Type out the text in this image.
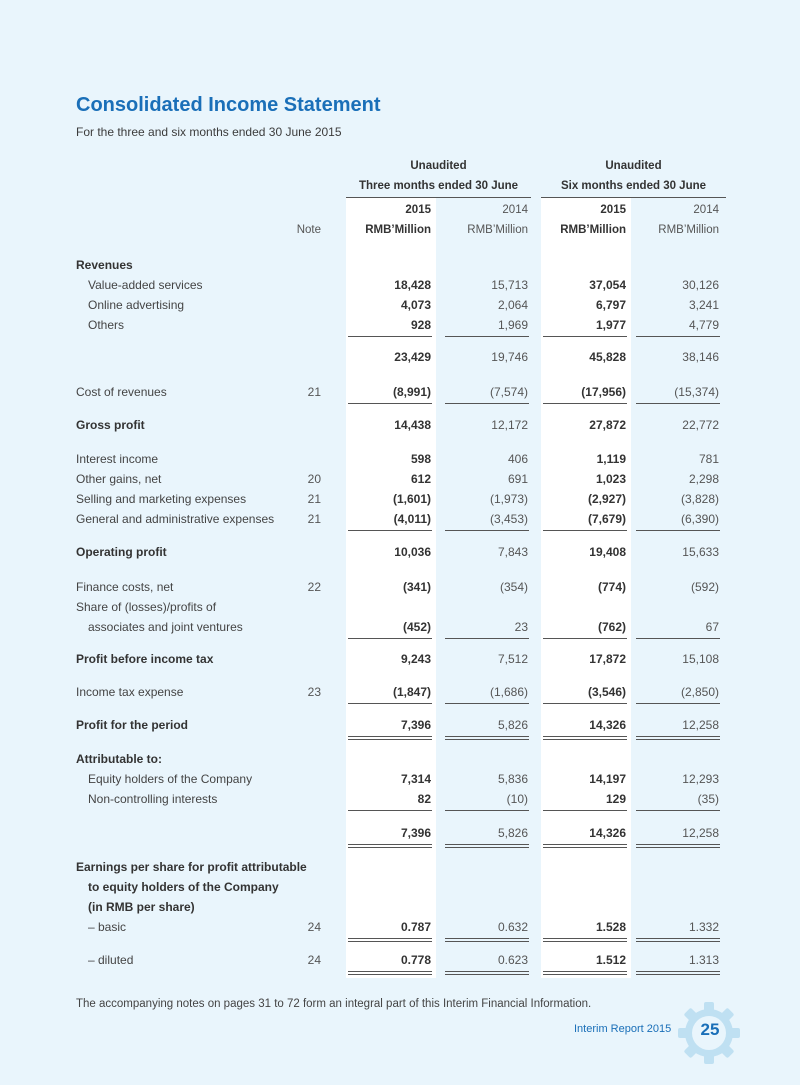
Consolidated Income Statement
For the three and six months ended 30 June 2015
Unaudited	Unaudited
Three months ended 30 June	Six months ended 30 June
2015	2014	2015	2014
Note	RMB’Million	RMB’Million	RMB’Million	RMB’Million
Revenues
Value-added services	18,428	15,713	37,054	30,126
Online advertising	4,073	2,064	6,797	3,241
Others	928	1,969	1,977	4,779
23,429	19,746	45,828	38,146
Cost of revenues	21	(8,991)	(7,574)	(17,956)	(15,374)
Gross profit	14,438	12,172	27,872	22,772
Interest income	598	406	1,119	781
Other gains, net	20	612	691	1,023	2,298
Selling and marketing expenses	21	(1,601)	(1,973)	(2,927)	(3,828)
General and administrative expenses	21	(4,011)	(3,453)	(7,679)	(6,390)
Operating profit	10,036	7,843	19,408	15,633
Finance costs, net	22	(341)	(354)	(774)	(592)
Share of (losses)/profits of
associates and joint ventures	(452)	23	(762)	67
Profit before income tax	9,243	7,512	17,872	15,108
Income tax expense	23	(1,847)	(1,686)	(3,546)	(2,850)
Profit for the period	7,396	5,826	14,326	12,258
Attributable to:
Equity holders of the Company	7,314	5,836	14,197	12,293
Non-controlling interests	82	(10)	129	(35)
7,396	5,826	14,326	12,258
Earnings per share for profit attributable
to equity holders of the Company
(in RMB per share)
– basic	24	0.787	0.632	1.528	1.332
– diluted	24	0.778	0.623	1.512	1.313
The accompanying notes on pages 31 to 72 form an integral part of this Interim Financial Information.
Interim Report 2015	25
